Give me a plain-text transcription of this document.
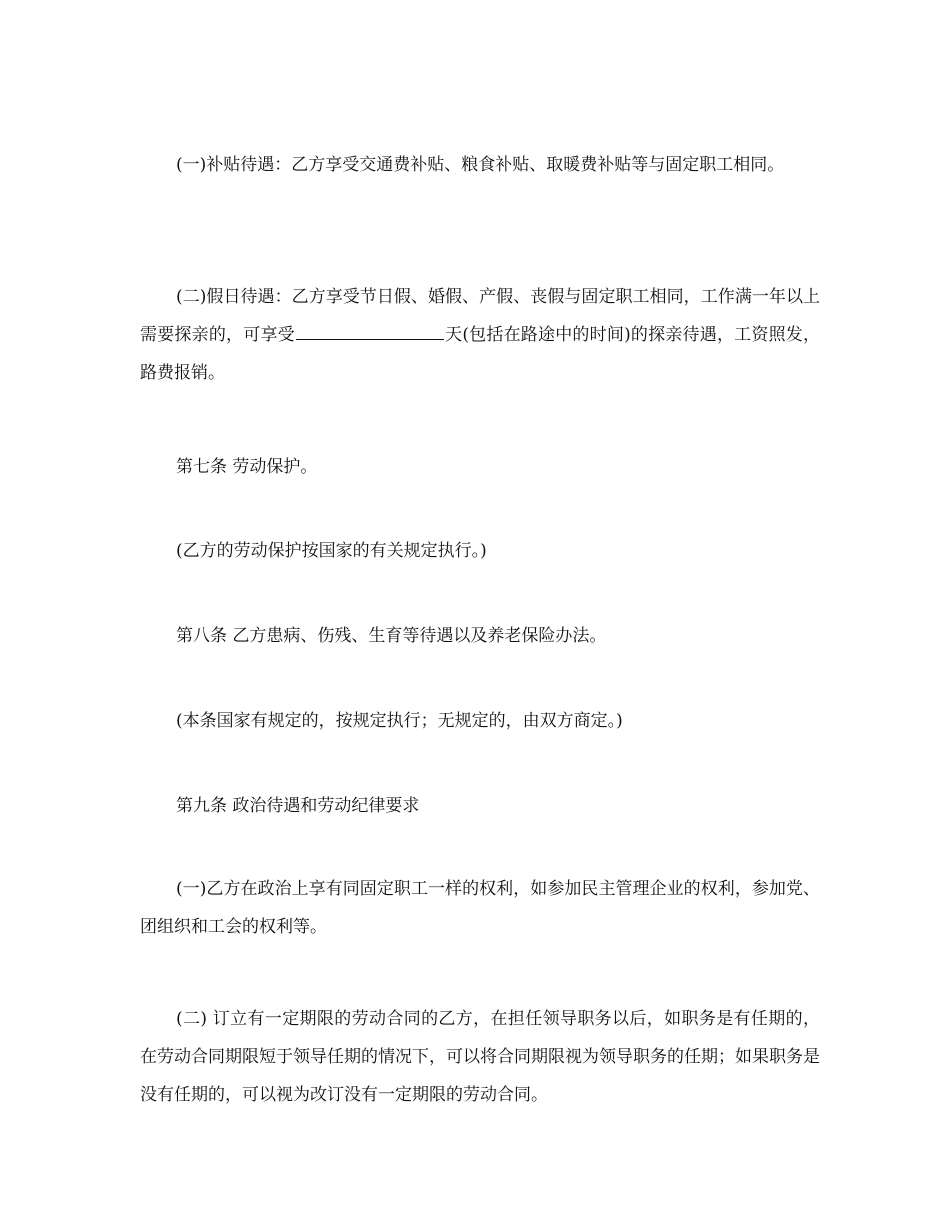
(一)补贴待遇：乙方享受交通费补贴、粮食补贴、取暖费补贴等与固定职工相同。

(二)假日待遇：乙方享受节日假、婚假、产假、丧假与固定职工相同，工作满一年以上需要探亲的，可享受	天(包括在路途中的时间)的探亲待遇，工资照发，路费报销。

第七条 劳动保护。

(乙方的劳动保护按国家的有关规定执行。)

第八条 乙方患病、伤残、生育等待遇以及养老保险办法。

(本条国家有规定的，按规定执行；无规定的，由双方商定。)

第九条 政治待遇和劳动纪律要求

(一)乙方在政治上享有同固定职工一样的权利，如参加民主管理企业的权利，参加党、团组织和工会的权利等。

(二) 订立有一定期限的劳动合同的乙方，在担任领导职务以后，如职务是有任期的，在劳动合同期限短于领导任期的情况下，可以将合同期限视为领导职务的任期；如果职务是没有任期的，可以视为改订没有一定期限的劳动合同。
